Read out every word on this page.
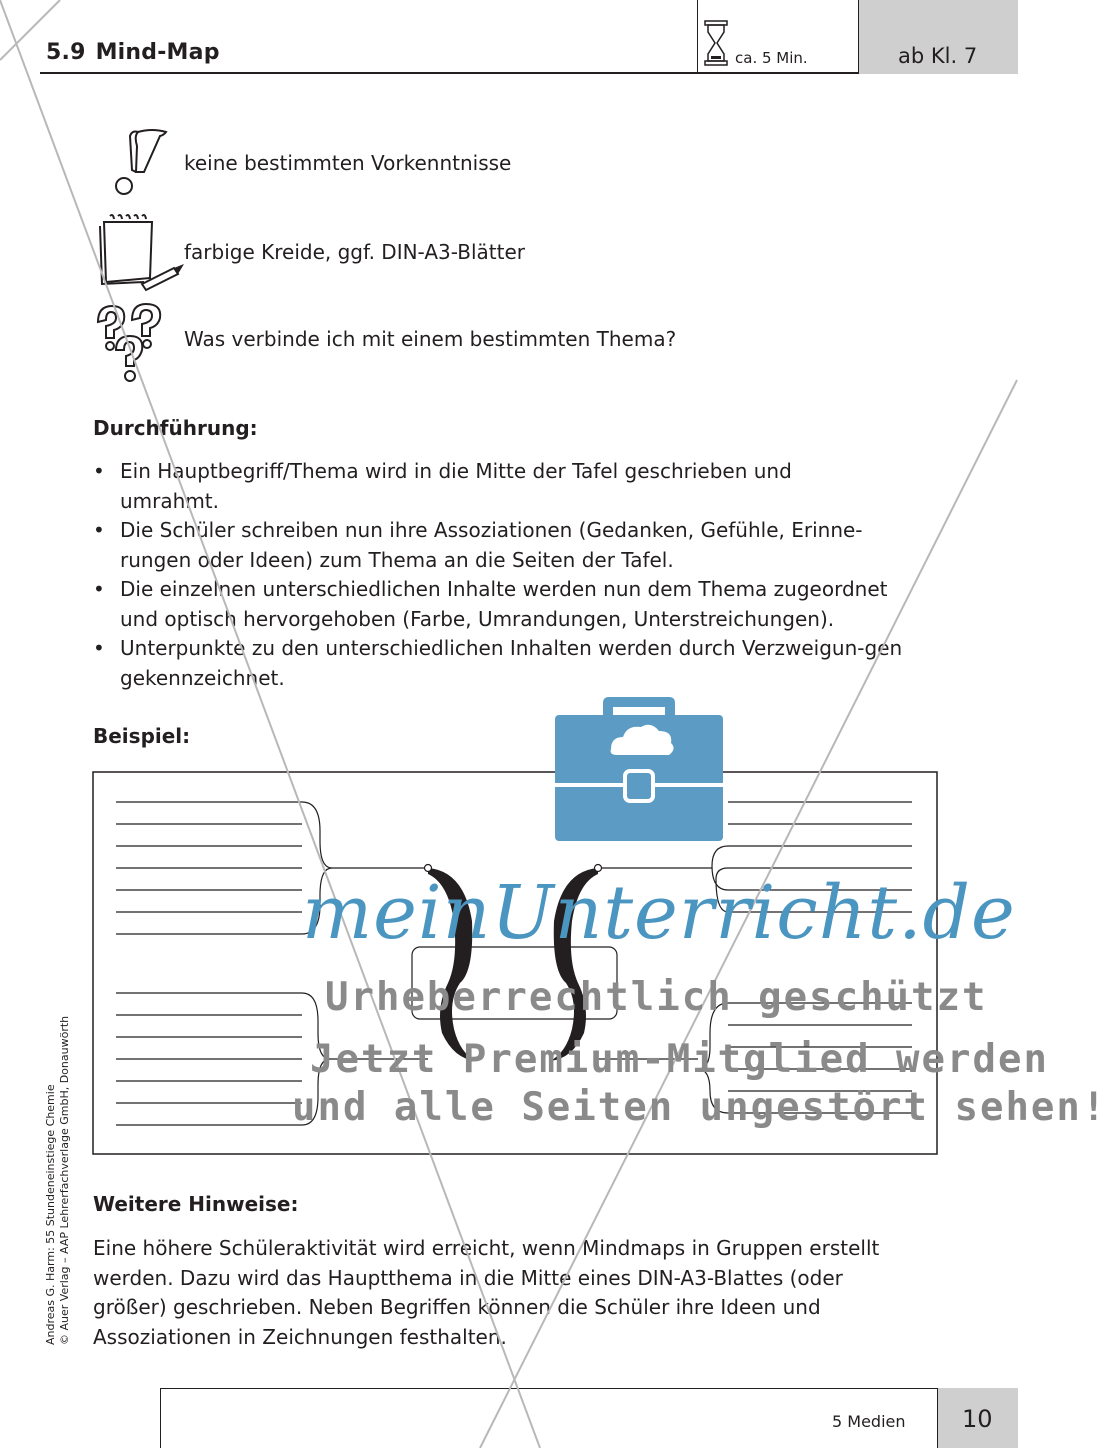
5.9 Mind-Map	ca. 5 Min.	ab Kl. 7
keine bestimmten Vorkenntnisse
farbige Kreide, ggf. DIN-A3-Blätter
Was verbinde ich mit einem bestimmten Thema?
Durchführung:
• Ein Hauptbegriff/Thema wird in die Mitte der Tafel geschrieben und umrahmt.
• Die Schüler schreiben nun ihre Assoziationen (Gedanken, Gefühle, Erinne-rungen oder Ideen) zum Thema an die Seiten der Tafel.
• Die einzelnen unterschiedlichen Inhalte werden nun dem Thema zugeordnet und optisch hervorgehoben (Farbe, Umrandungen, Unterstreichungen).
• Unterpunkte zu den unterschiedlichen Inhalten werden durch Verzweigun-gen gekennzeichnet.
Beispiel:
Weitere Hinweise:
Eine höhere Schüleraktivität wird erreicht, wenn Mindmaps in Gruppen erstellt werden. Dazu wird das Hauptthema in die Mitte eines DIN-A3-Blattes (oder größer) geschrieben. Neben Begriffen können die Schüler ihre Ideen und Assoziationen in Zeichnungen festhalten.
Andreas G. Harm: 55 Stundeneinstiege Chemie © Auer Verlag – AAP Lehrerfachverlage GmbH, Donauwörth
5 Medien 10
meinUnterricht.de
Urheberrechtlich geschützt
Jetzt Premium-Mitglied werden
und alle Seiten ungestört sehen!
